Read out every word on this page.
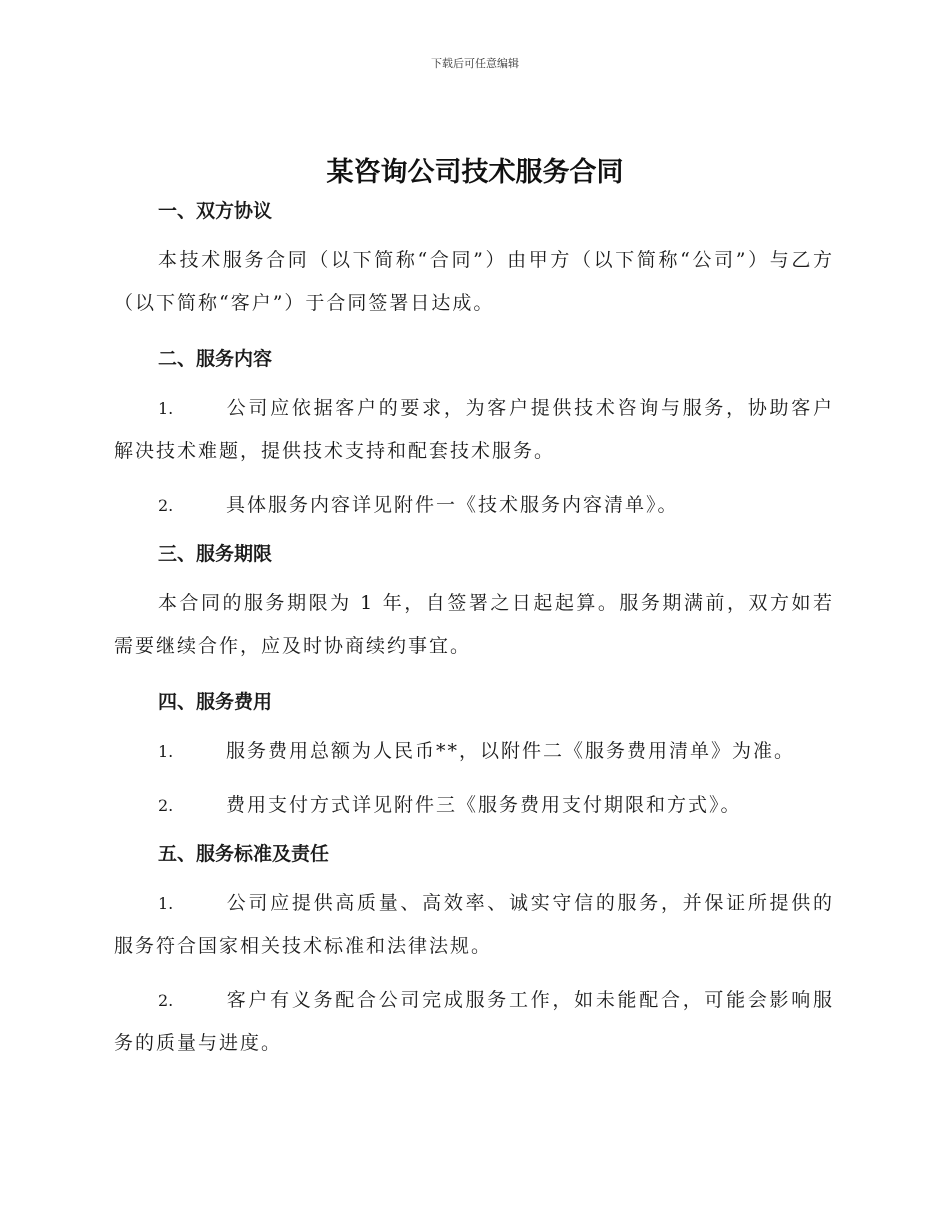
下载后可任意编辑
某咨询公司技术服务合同
一、双方协议

本技术服务合同（以下简称“合同”）由甲方（以下简称“公司”）与乙方（以下简称“客户”）于合同签署日达成。

二、服务内容

1.	公司应依据客户的要求，为客户提供技术咨询与服务，协助客户解决技术难题，提供技术支持和配套技术服务。

2.	具体服务内容详见附件一《技术服务内容清单》。

三、服务期限

本合同的服务期限为 1 年，自签署之日起起算。服务期满前，双方如若需要继续合作，应及时协商续约事宜。

四、服务费用

1.	服务费用总额为人民币**，以附件二《服务费用清单》为准。

2.	费用支付方式详见附件三《服务费用支付期限和方式》。

五、服务标准及责任

1.	公司应提供高质量、高效率、诚实守信的服务，并保证所提供的服务符合国家相关技术标准和法律法规。

2.	客户有义务配合公司完成服务工作，如未能配合，可能会影响服务的质量与进度。
